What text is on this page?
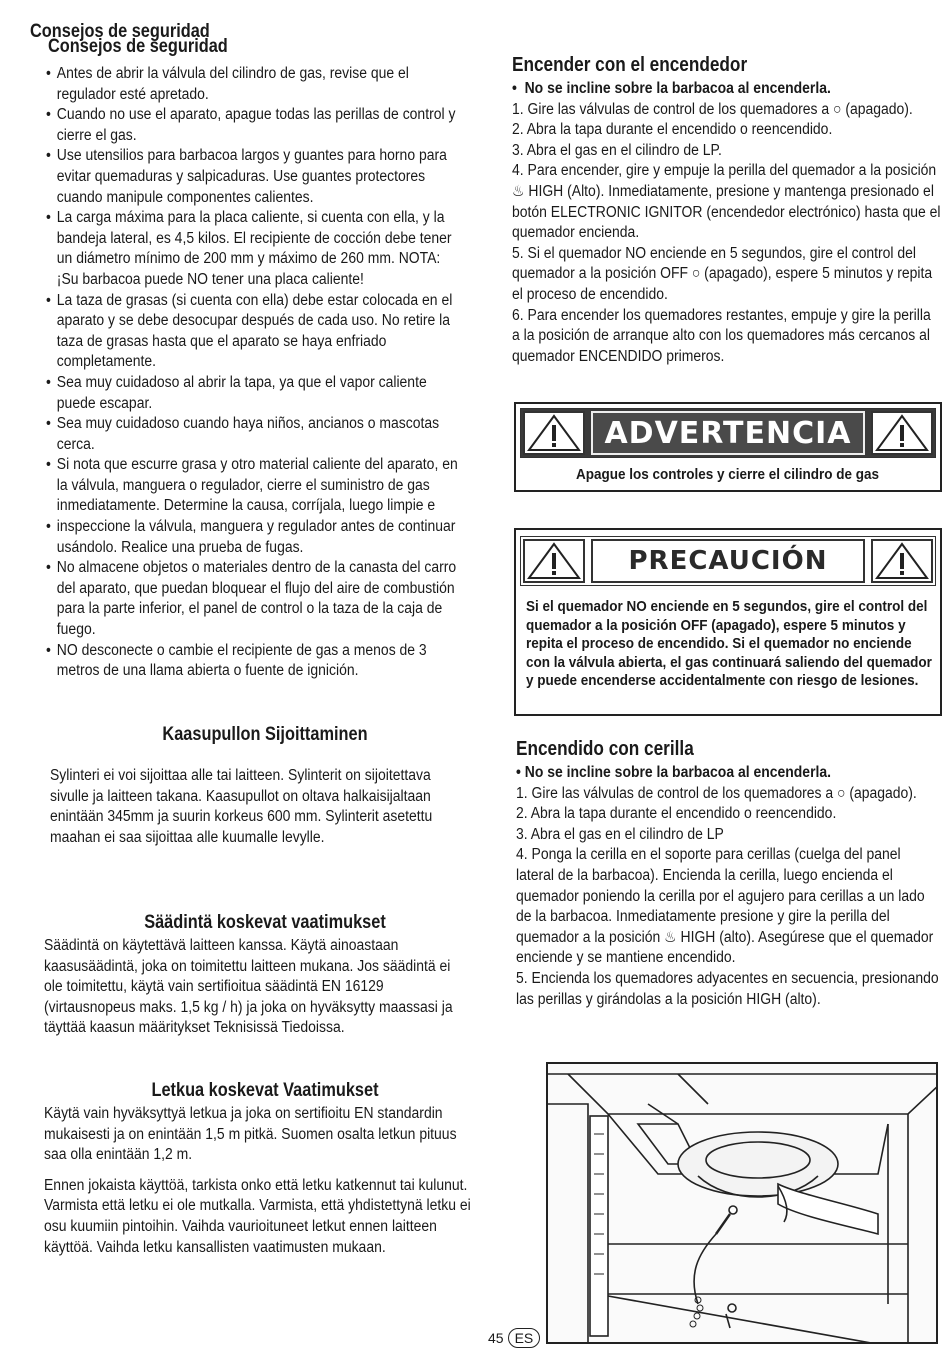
Consejos de seguridad
Consejos de seguridad
• Antes de abrir la válvula del cilindro de gas, revise que el regulador esté apretado.
• Cuando no use el aparato, apague todas las perillas de control y cierre el gas.
• Use utensilios para barbacoa largos y guantes para horno para evitar quemaduras y salpicaduras. Use guantes protectores cuando manipule componentes calientes.
• La carga máxima para la placa caliente, si cuenta con ella, y la bandeja lateral, es 4,5 kilos. El recipiente de cocción debe tener un diámetro mínimo de 200 mm y máximo de 260 mm. NOTA: ¡Su barbacoa puede NO tener una placa caliente!
• La taza de grasas (si cuenta con ella) debe estar colocada en el aparato y se debe desocupar después de cada uso. No retire la taza de grasas hasta que el aparato se haya enfriado completamente.
• Sea muy cuidadoso al abrir la tapa, ya que el vapor caliente puede escapar.
• Sea muy cuidadoso cuando haya niños, ancianos o mascotas cerca.
• Si nota que escurre grasa y otro material caliente del aparato, en la válvula, manguera o regulador, cierre el suministro de gas inmediatamente. Determine la causa, corríjala, luego limpie e
• inspeccione la válvula, manguera y regulador antes de continuar usándolo. Realice una prueba de fugas.
• No almacene objetos o materiales dentro de la canasta del carro del aparato, que puedan bloquear el flujo del aire de combustión para la parte inferior, el panel de control o la taza de la caja de fuego.
• NO desconecte o cambie el recipiente de gas a menos de 3 metros de una llama abierta o fuente de ignición.
Kaasupullon Sijoittaminen
Sylinteri ei voi sijoittaa alle tai laitteen. Sylinterit on sijoitettava sivulle ja laitteen takana. Kaasupullot on oltava halkaisijaltaan enintään 345mm ja suurin korkeus 600 mm. Sylinterit asetettu maahan ei saa sijoittaa alle kuumalle levylle.
Säädintä koskevat vaatimukset
Säädintä on käytettävä laitteen kanssa. Käytä ainoastaan kaasusäädintä, joka on toimitettu laitteen mukana. Jos säädintä ei ole toimitettu, käytä vain sertifioitua säädintä EN 16129 (virtausnopeus maks. 1,5 kg / h) ja joka on hyväksytty maassasi ja täyttää kaasun määritykset Teknisissä Tiedoissa.
Letkua koskevat Vaatimukset
Käytä vain hyväksyttyä letkua ja joka on sertifioitu EN standardin mukaisesti ja on enintään 1,5 m pitkä. Suomen osalta letkun pituus saa olla enintään 1,2 m.
Ennen jokaista käyttöä, tarkista onko että letku katkennut tai kulunut. Varmista että letku ei ole mutkalla. Varmista, että yhdistettynä letku ei osu kuumiin pintoihin. Vaihda vaurioituneet letkut ennen laitteen käyttöä. Vaihda letku kansallisten vaatimusten mukaan.
Encender con el encendedor
• No se incline sobre la barbacoa al encenderla.
1. Gire las válvulas de control de los quemadores a ○ (apagado).
2. Abra la tapa durante el encendido o reencendido.
3. Abra el gas en el cilindro de LP.
4. Para encender, gire y empuje la perilla del quemador a la posición ♨ HIGH (Alto). Inmediatamente, presione y mantenga presionado el botón ELECTRONIC IGNITOR (encendedor electrónico) hasta que el quemador encienda.
5. Si el quemador NO enciende en 5 segundos, gire el control del quemador a la posición OFF ○ (apagado), espere 5 minutos y repita el proceso de encendido.
6. Para encender los quemadores restantes, empuje y gire la perilla a la posición de arranque alto con los quemadores más cercanos al quemador ENCENDIDO primeros.
ADVERTENCIA
Apague los controles y cierre el cilindro de gas
PRECAUCIÓN
Si el quemador NO enciende en 5 segundos, gire el control del quemador a la posición OFF (apagado), espere 5 minutos y repita el proceso de encendido. Si el quemador no enciende con la válvula abierta, el gas continuará saliendo del quemador y puede encenderse accidentalmente con riesgo de lesiones.
Encendido con cerilla
• No se incline sobre la barbacoa al encenderla.
1. Gire las válvulas de control de los quemadores a ○ (apagado).
2. Abra la tapa durante el encendido o reencendido.
3. Abra el gas en el cilindro de LP
4. Ponga la cerilla en el soporte para cerillas (cuelga del panel lateral de la barbacoa). Encienda la cerilla, luego encienda el quemador poniendo la cerilla por el agujero para cerillas a un lado de la barbacoa. Inmediatamente presione y gire la perilla del quemador a la posición ♨ HIGH (alto). Asegúrese que el quemador enciende y se mantiene encendido.
5. Encienda los quemadores adyacentes en secuencia, presionando las perillas y girándolas a la posición HIGH (alto).
45 ES
